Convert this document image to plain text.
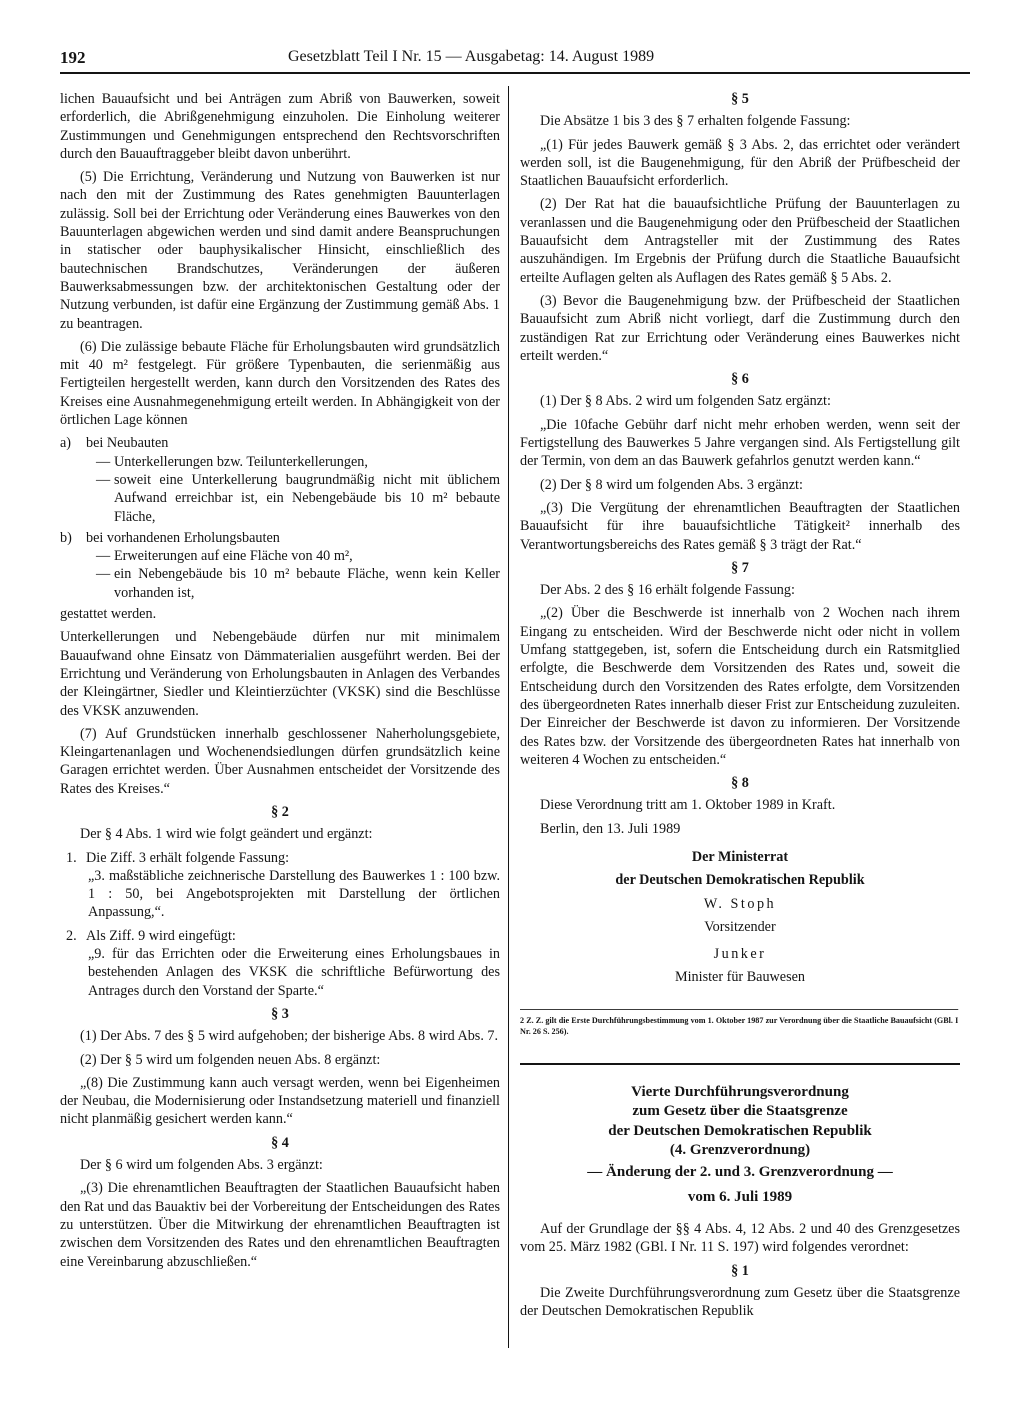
192	Gesetzblatt Teil I Nr. 15 — Ausgabetag: 14. August 1989

lichen Bauaufsicht und bei Anträgen zum Abriß von Bauwerken, soweit erforderlich, die Abrißgenehmigung einzuholen. Die Einholung weiterer Zustimmungen und Genehmigungen entsprechend den Rechtsvorschriften durch den Bauauftraggeber bleibt davon unberührt.

(5) Die Errichtung, Veränderung und Nutzung von Bauwerken ist nur nach den mit der Zustimmung des Rates genehmigten Bauunterlagen zulässig. Soll bei der Errichtung oder Veränderung eines Bauwerkes von den Bauunterlagen abgewichen werden und sind damit andere Beanspruchungen in statischer oder bauphysikalischer Hinsicht, einschließlich des bautechnischen Brandschutzes, Veränderungen der äußeren Bauwerksabmessungen bzw. der architektonischen Gestaltung oder der Nutzung verbunden, ist dafür eine Ergänzung der Zustimmung gemäß Abs. 1 zu beantragen.

(6) Die zulässige bebaute Fläche für Erholungsbauten wird grundsätzlich mit 40 m² festgelegt. Für größere Typenbauten, die serienmäßig aus Fertigteilen hergestellt werden, kann durch den Vorsitzenden des Rates des Kreises eine Ausnahmegenehmigung erteilt werden. In Abhängigkeit von der örtlichen Lage können

a) bei Neubauten
— Unterkellerungen bzw. Teilunterkellerungen,
— soweit eine Unterkellerung baugrundmäßig nicht mit üblichem Aufwand erreichbar ist, ein Nebengebäude bis 10 m² bebaute Fläche,
b) bei vorhandenen Erholungsbauten
— Erweiterungen auf eine Fläche von 40 m²,
— ein Nebengebäude bis 10 m² bebaute Fläche, wenn kein Keller vorhanden ist,

gestattet werden.

Unterkellerungen und Nebengebäude dürfen nur mit minimalem Bauaufwand ohne Einsatz von Dämmaterialien ausgeführt werden. Bei der Errichtung und Veränderung von Erholungsbauten in Anlagen des Verbandes der Kleingärtner, Siedler und Kleintierzüchter (VKSK) sind die Beschlüsse des VKSK anzuwenden.

(7) Auf Grundstücken innerhalb geschlossener Naherholungsgebiete, Kleingartenanlagen und Wochenendsiedlungen dürfen grundsätzlich keine Garagen errichtet werden. Über Ausnahmen entscheidet der Vorsitzende des Rates des Kreises.“

§ 2

Der § 4 Abs. 1 wird wie folgt geändert und ergänzt:

1. Die Ziff. 3 erhält folgende Fassung:

„3. maßstäbliche zeichnerische Darstellung des Bauwerkes 1 : 100 bzw. 1 : 50, bei Angebotsprojekten mit Darstellung der örtlichen Anpassung,“.

2. Als Ziff. 9 wird eingefügt:

„9. für das Errichten oder die Erweiterung eines Erholungsbaues in bestehenden Anlagen des VKSK die schriftliche Befürwortung des Antrages durch den Vorstand der Sparte.“

§ 3

(1) Der Abs. 7 des § 5 wird aufgehoben; der bisherige Abs. 8 wird Abs. 7.

(2) Der § 5 wird um folgenden neuen Abs. 8 ergänzt:

„(8) Die Zustimmung kann auch versagt werden, wenn bei Eigenheimen der Neubau, die Modernisierung oder Instandsetzung materiell und finanziell nicht planmäßig gesichert werden kann.“

§ 4

Der § 6 wird um folgenden Abs. 3 ergänzt:

„(3) Die ehrenamtlichen Beauftragten der Staatlichen Bauaufsicht haben den Rat und das Bauaktiv bei der Vorbereitung der Entscheidungen des Rates zu unterstützen. Über die Mitwirkung der ehrenamtlichen Beauftragten ist zwischen dem Vorsitzenden des Rates und den ehrenamtlichen Beauftragten eine Vereinbarung abzuschließen.“

§ 5

Die Absätze 1 bis 3 des § 7 erhalten folgende Fassung:

„(1) Für jedes Bauwerk gemäß § 3 Abs. 2, das errichtet oder verändert werden soll, ist die Baugenehmigung, für den Abriß der Prüfbescheid der Staatlichen Bauaufsicht erforderlich.

(2) Der Rat hat die bauaufsichtliche Prüfung der Bauunterlagen zu veranlassen und die Baugenehmigung oder den Prüfbescheid der Staatlichen Bauaufsicht dem Antragsteller mit der Zustimmung des Rates auszuhändigen. Im Ergebnis der Prüfung durch die Staatliche Bauaufsicht erteilte Auflagen gelten als Auflagen des Rates gemäß § 5 Abs. 2.

(3) Bevor die Baugenehmigung bzw. der Prüfbescheid der Staatlichen Bauaufsicht zum Abriß nicht vorliegt, darf die Zustimmung durch den zuständigen Rat zur Errichtung oder Veränderung eines Bauwerkes nicht erteilt werden.“

§ 6

(1) Der § 8 Abs. 2 wird um folgenden Satz ergänzt:

„Die 10fache Gebühr darf nicht mehr erhoben werden, wenn seit der Fertigstellung des Bauwerkes 5 Jahre vergangen sind. Als Fertigstellung gilt der Termin, von dem an das Bauwerk gefahrlos genutzt werden kann.“

(2) Der § 8 wird um folgenden Abs. 3 ergänzt:

„(3) Die Vergütung der ehrenamtlichen Beauftragten der Staatlichen Bauaufsicht für ihre bauaufsichtliche Tätigkeit² innerhalb des Verantwortungsbereichs des Rates gemäß § 3 trägt der Rat.“

§ 7

Der Abs. 2 des § 16 erhält folgende Fassung:

„(2) Über die Beschwerde ist innerhalb von 2 Wochen nach ihrem Eingang zu entscheiden. Wird der Beschwerde nicht oder nicht in vollem Umfang stattgegeben, ist, sofern die Entscheidung durch ein Ratsmitglied erfolgte, die Beschwerde dem Vorsitzenden des Rates und, soweit die Entscheidung durch den Vorsitzenden des Rates erfolgte, dem Vorsitzenden des übergeordneten Rates innerhalb dieser Frist zur Entscheidung zuzuleiten. Der Einreicher der Beschwerde ist davon zu informieren. Der Vorsitzende des Rates bzw. der Vorsitzende des übergeordneten Rates hat innerhalb von weiteren 4 Wochen zu entscheiden.“

§ 8

Diese Verordnung tritt am 1. Oktober 1989 in Kraft.

Berlin, den 13. Juli 1989

Der Ministerrat

der Deutschen Demokratischen Republik

W. Stoph

Vorsitzender

Junker

Minister für Bauwesen

2 Z. Z. gilt die Erste Durchführungsbestimmung vom 1. Oktober 1987 zur Verordnung über die Staatliche Bauaufsicht (GBl. I Nr. 26 S. 256).
Vierte Durchführungsverordnung
zum Gesetz über die Staatsgrenze
der Deutschen Demokratischen Republik
(4. Grenzverordnung)
— Änderung der 2. und 3. Grenzverordnung —
vom 6. Juli 1989

Auf der Grundlage der §§ 4 Abs. 4, 12 Abs. 2 und 40 des Grenzgesetzes vom 25. März 1982 (GBl. I Nr. 11 S. 197) wird folgendes verordnet:

§ 1

Die Zweite Durchführungsverordnung zum Gesetz über die Staatsgrenze der Deutschen Demokratischen Republik
